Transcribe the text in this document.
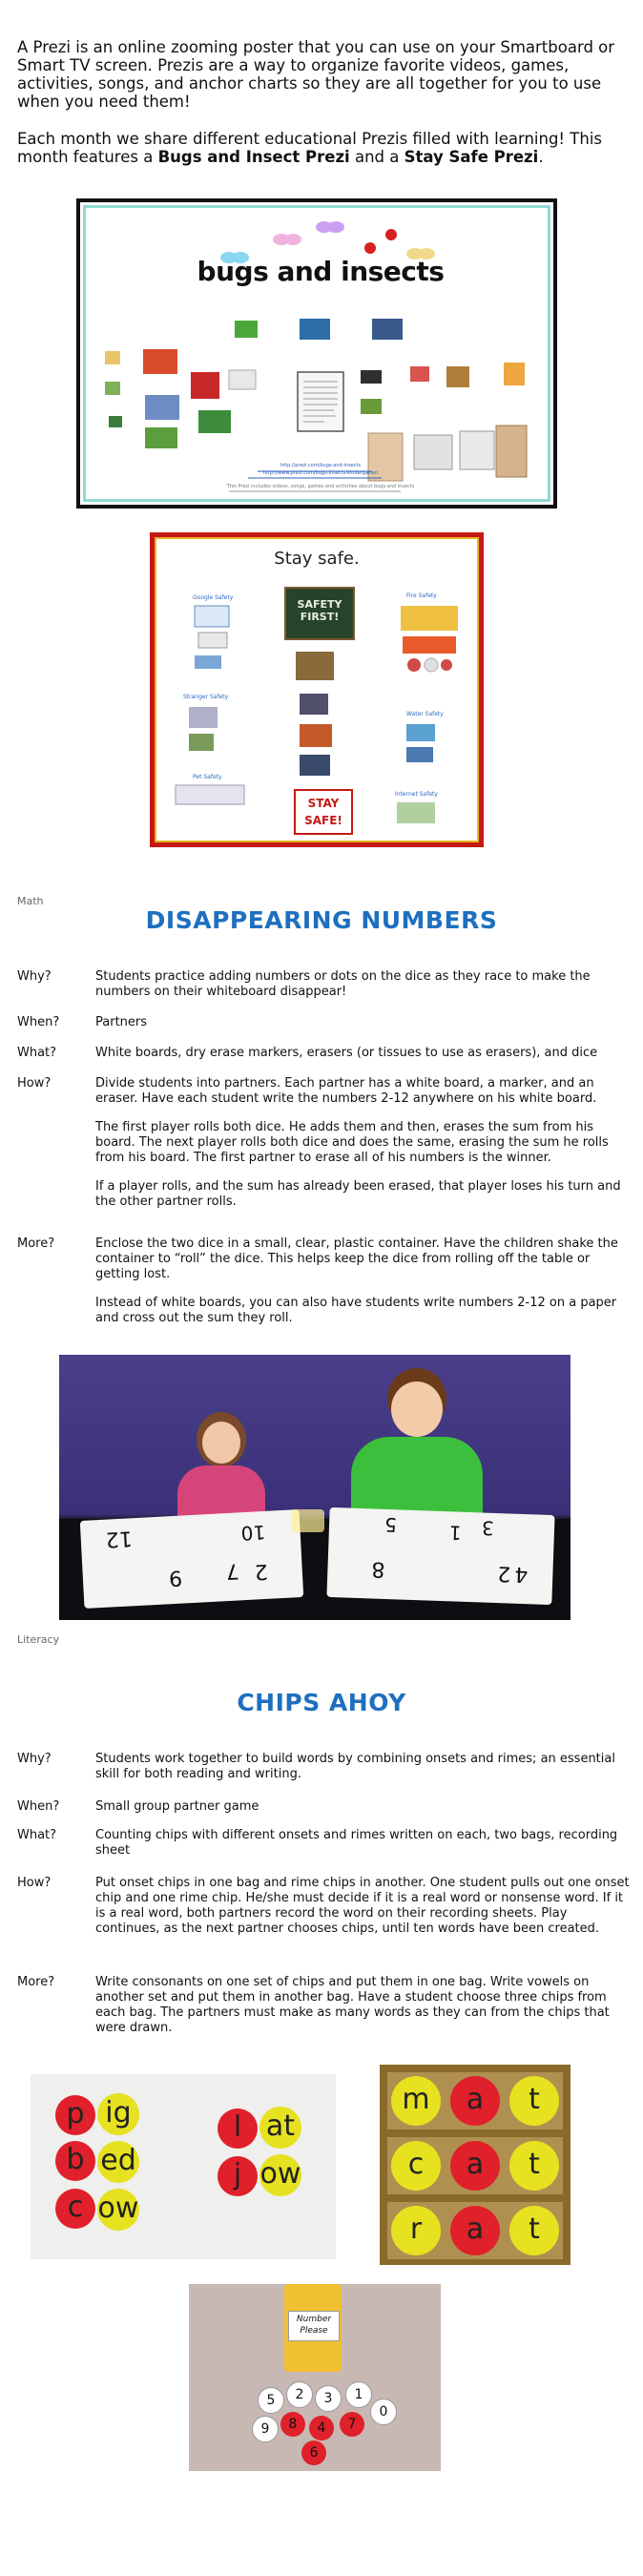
A Prezi is an online zooming poster that you can use on your Smartboard or Smart TV screen. Prezis are a way to organize favorite videos, games, activities, songs, and anchor charts so they are all together for you to use when you need them!

Each month we share different educational Prezis filled with learning! This month features a Bugs and Insect Prezi and a Stay Safe Prezi.

bugs and insects
http://prezi.com/bugs-and-insects
http://www.prezi.com/bugs-insects-kindergarten
This Prezi includes videos, songs, games and activities about bugs and insects
Stay safe.
Google Safety	Fire Safety
Stranger Safety
Water Safety
Pet Safety
Internet Safety
SAFETY FIRST!
STAY SAFE!
Math
DISAPPEARING NUMBERS
Why?	Students practice adding numbers or dots on the dice as they race to make the numbers on their whiteboard disappear!
When?	Partners
What?	White boards, dry erase markers, erasers (or tissues to use as erasers), and dice
How?	Divide students into partners. Each partner has a white board, a marker, and an eraser. Have each student write the numbers 2-12 anywhere on his white board.

The first player rolls both dice. He adds them and then, erases the sum from his board. The next player rolls both dice and does the same, erasing the sum he rolls from his board. The first partner to erase all of his numbers is the winner.

If a player rolls, and the sum has already been erased, that player loses his turn and the other partner rolls.

More?	Enclose the two dice in a small, clear, plastic container. Have the children shake the container to “roll” the dice. This helps keep the dice from rolling off the table or getting lost.

Instead of white boards, you can also have students write numbers 2-12 on a paper and cross out the sum they roll.

12	10
7
9	2
5	1 3
8	2 4
Literacy
CHIPS AHOY
Why?	Students work together to build words by combining onsets and rimes; an essential skill for both reading and writing.
When?	Small group partner game
What?	Counting chips with different onsets and rimes written on each, two bags, recording sheet
How?	Put onset chips in one bag and rime chips in another. One student pulls out one onset chip and one rime chip. He/she must decide if it is a real word or nonsense word. If it is a real word, both partners record the word on their recording sheets. Play continues, as the next partner chooses chips, until ten words have been created.
More?	Write consonants on one set of chips and put them in one bag. Write vowels on another set and put them in another bag. Have a student choose three chips from each bag. The partners must make as many words as they can from the chips that were drawn.
p ig
b ed
c ow
l at
j ow
m	a	t
c	a	t
r	a	t
Number Please
5	2	3	1
9	8	4	7
6
0
